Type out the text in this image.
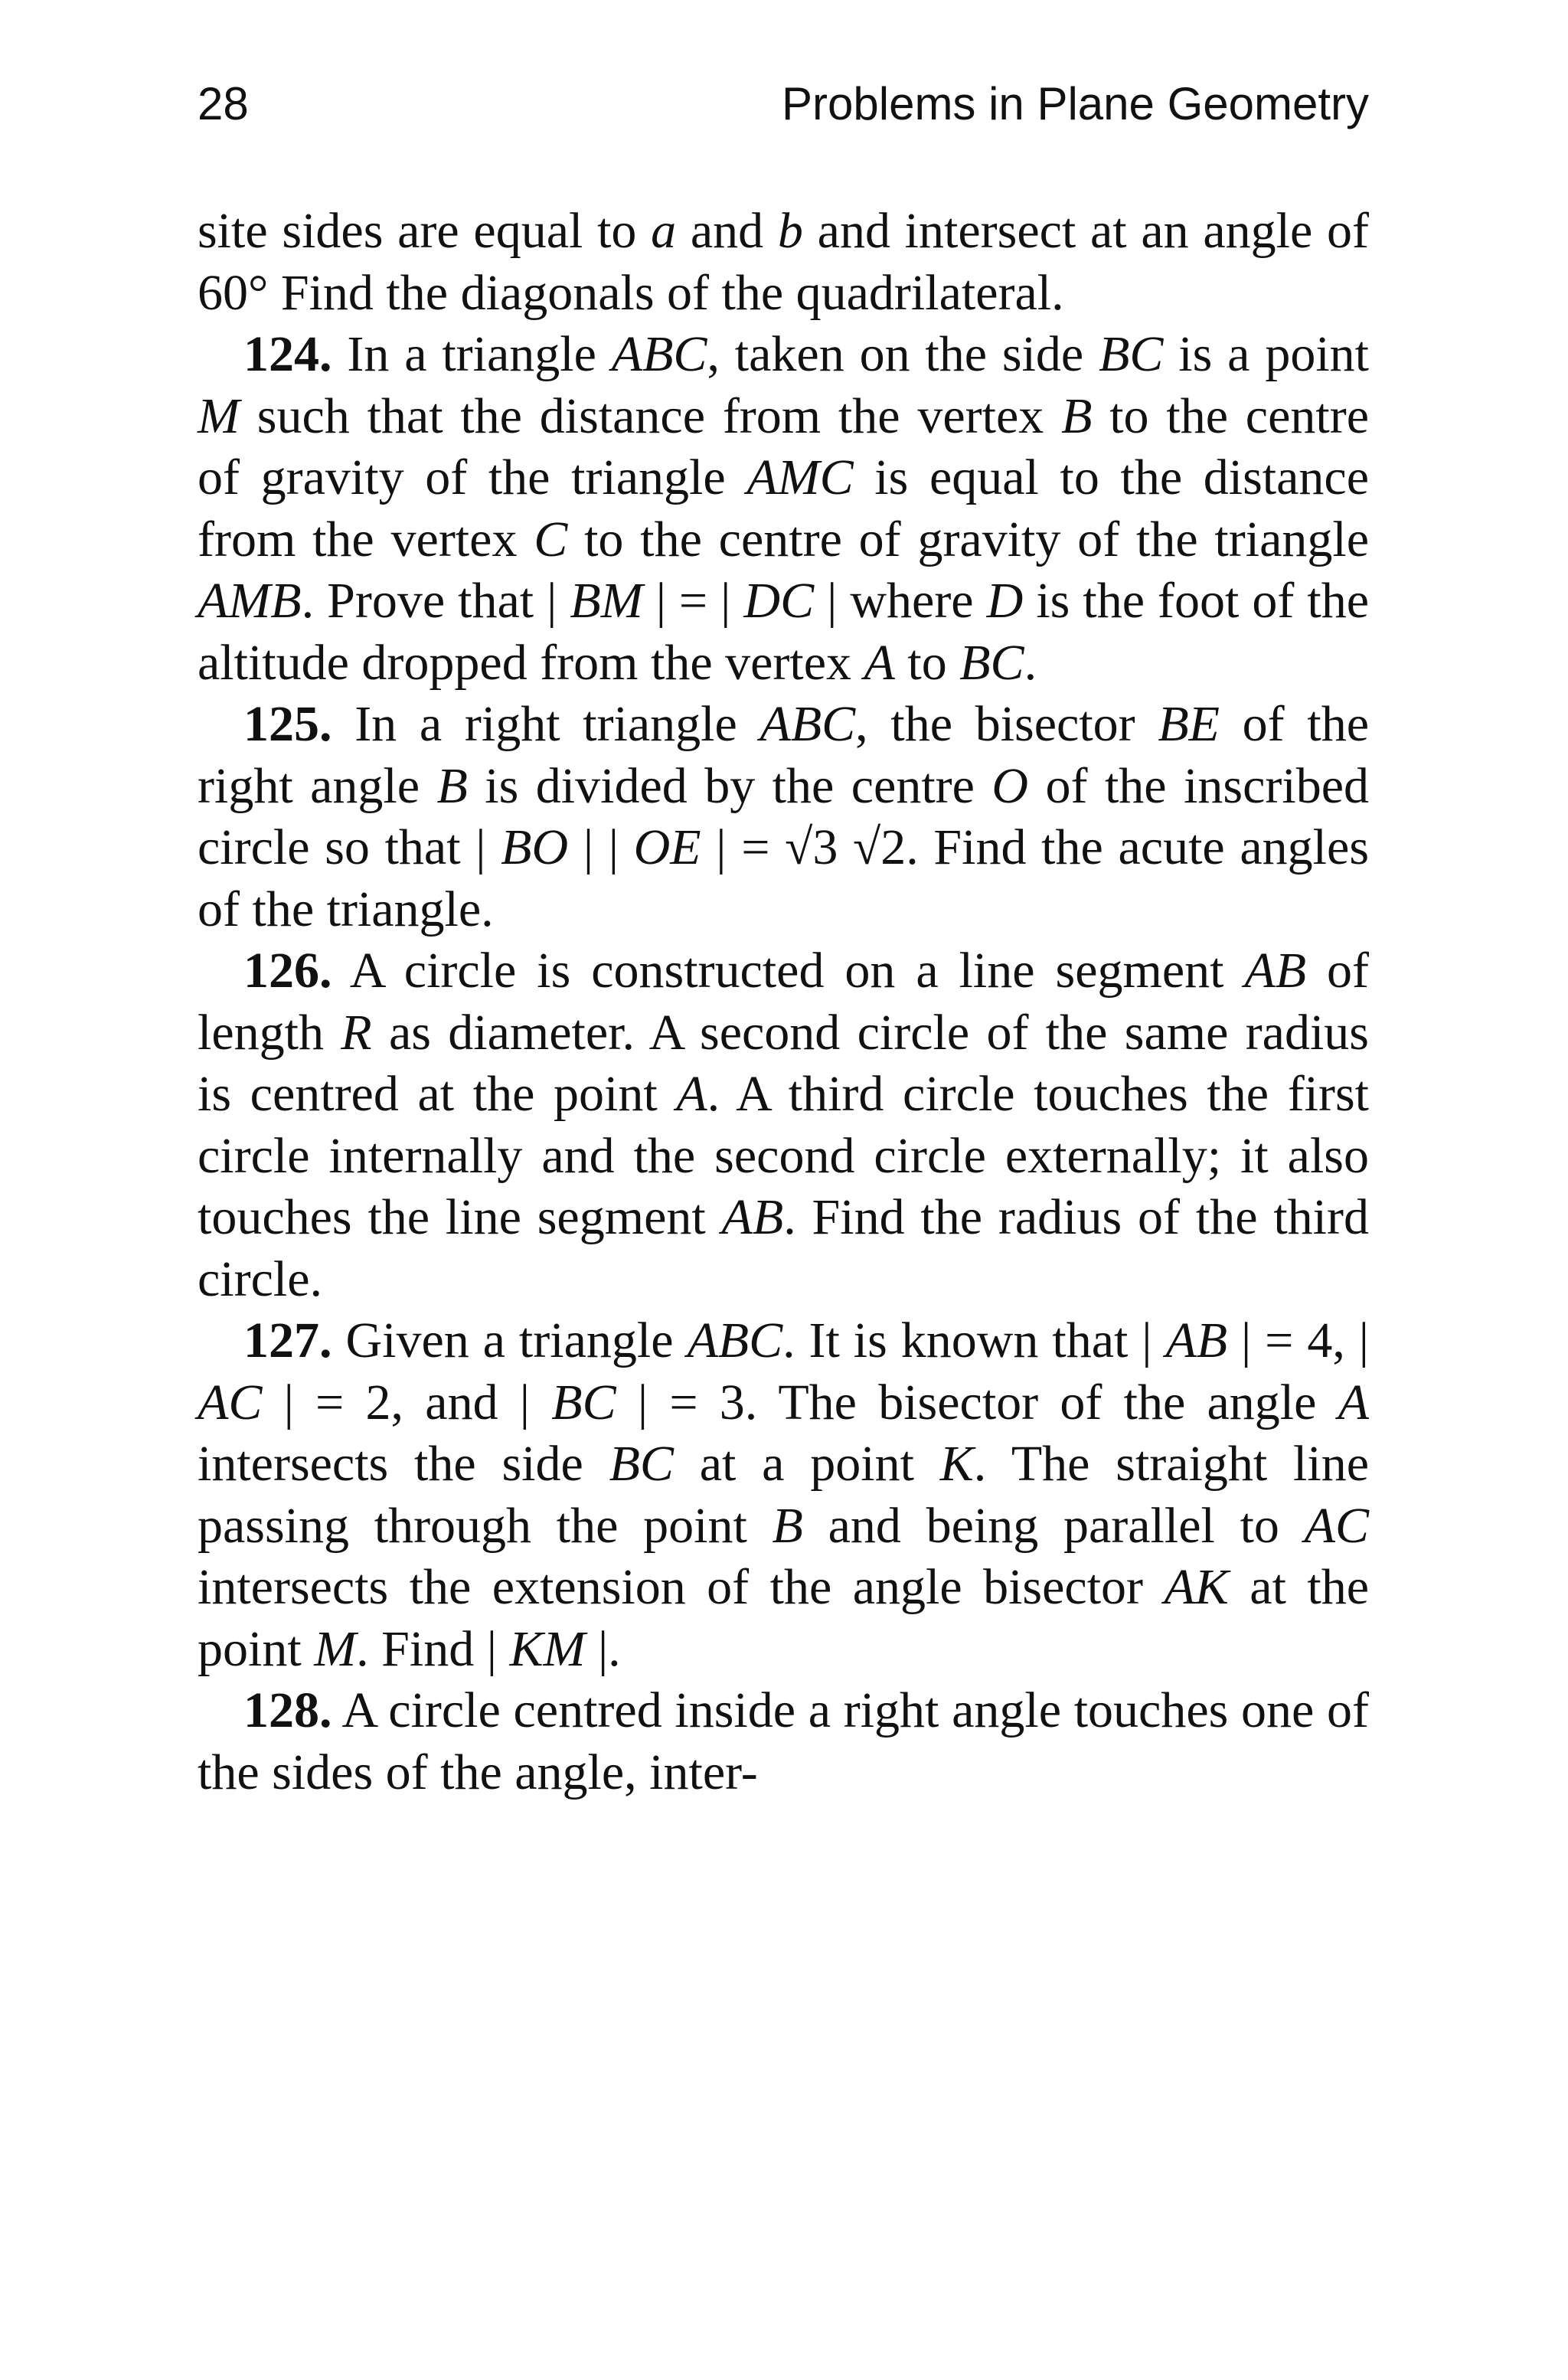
28	Problems in Plane Geometry

site sides are equal to a and b and intersect at an angle of 60° Find the diagonals of the quadrilateral.

124. In a triangle ABC, taken on the side BC is a point M such that the distance from the vertex B to the centre of gravity of the triangle AMC is equal to the distance from the vertex C to the centre of gravity of the triangle AMB. Prove that | BM | = | DC | where D is the foot of the altitude dropped from the vertex A to BC.

125. In a right triangle ABC, the bisector BE of the right angle B is divided by the centre O of the inscribed circle so that | BO | | OE | = √3 √2. Find the acute angles of the triangle.

126. A circle is constructed on a line segment AB of length R as diameter. A second circle of the same radius is centred at the point A. A third circle touches the first circle internally and the second circle externally; it also touches the line segment AB. Find the radius of the third circle.

127. Given a triangle ABC. It is known that | AB | = 4, | AC | = 2, and | BC | = 3. The bisector of the angle A intersects the side BC at a point K. The straight line passing through the point B and being parallel to AC intersects the extension of the angle bisector AK at the point M. Find | KM |.

128. A circle centred inside a right angle touches one of the sides of the angle, inter-
